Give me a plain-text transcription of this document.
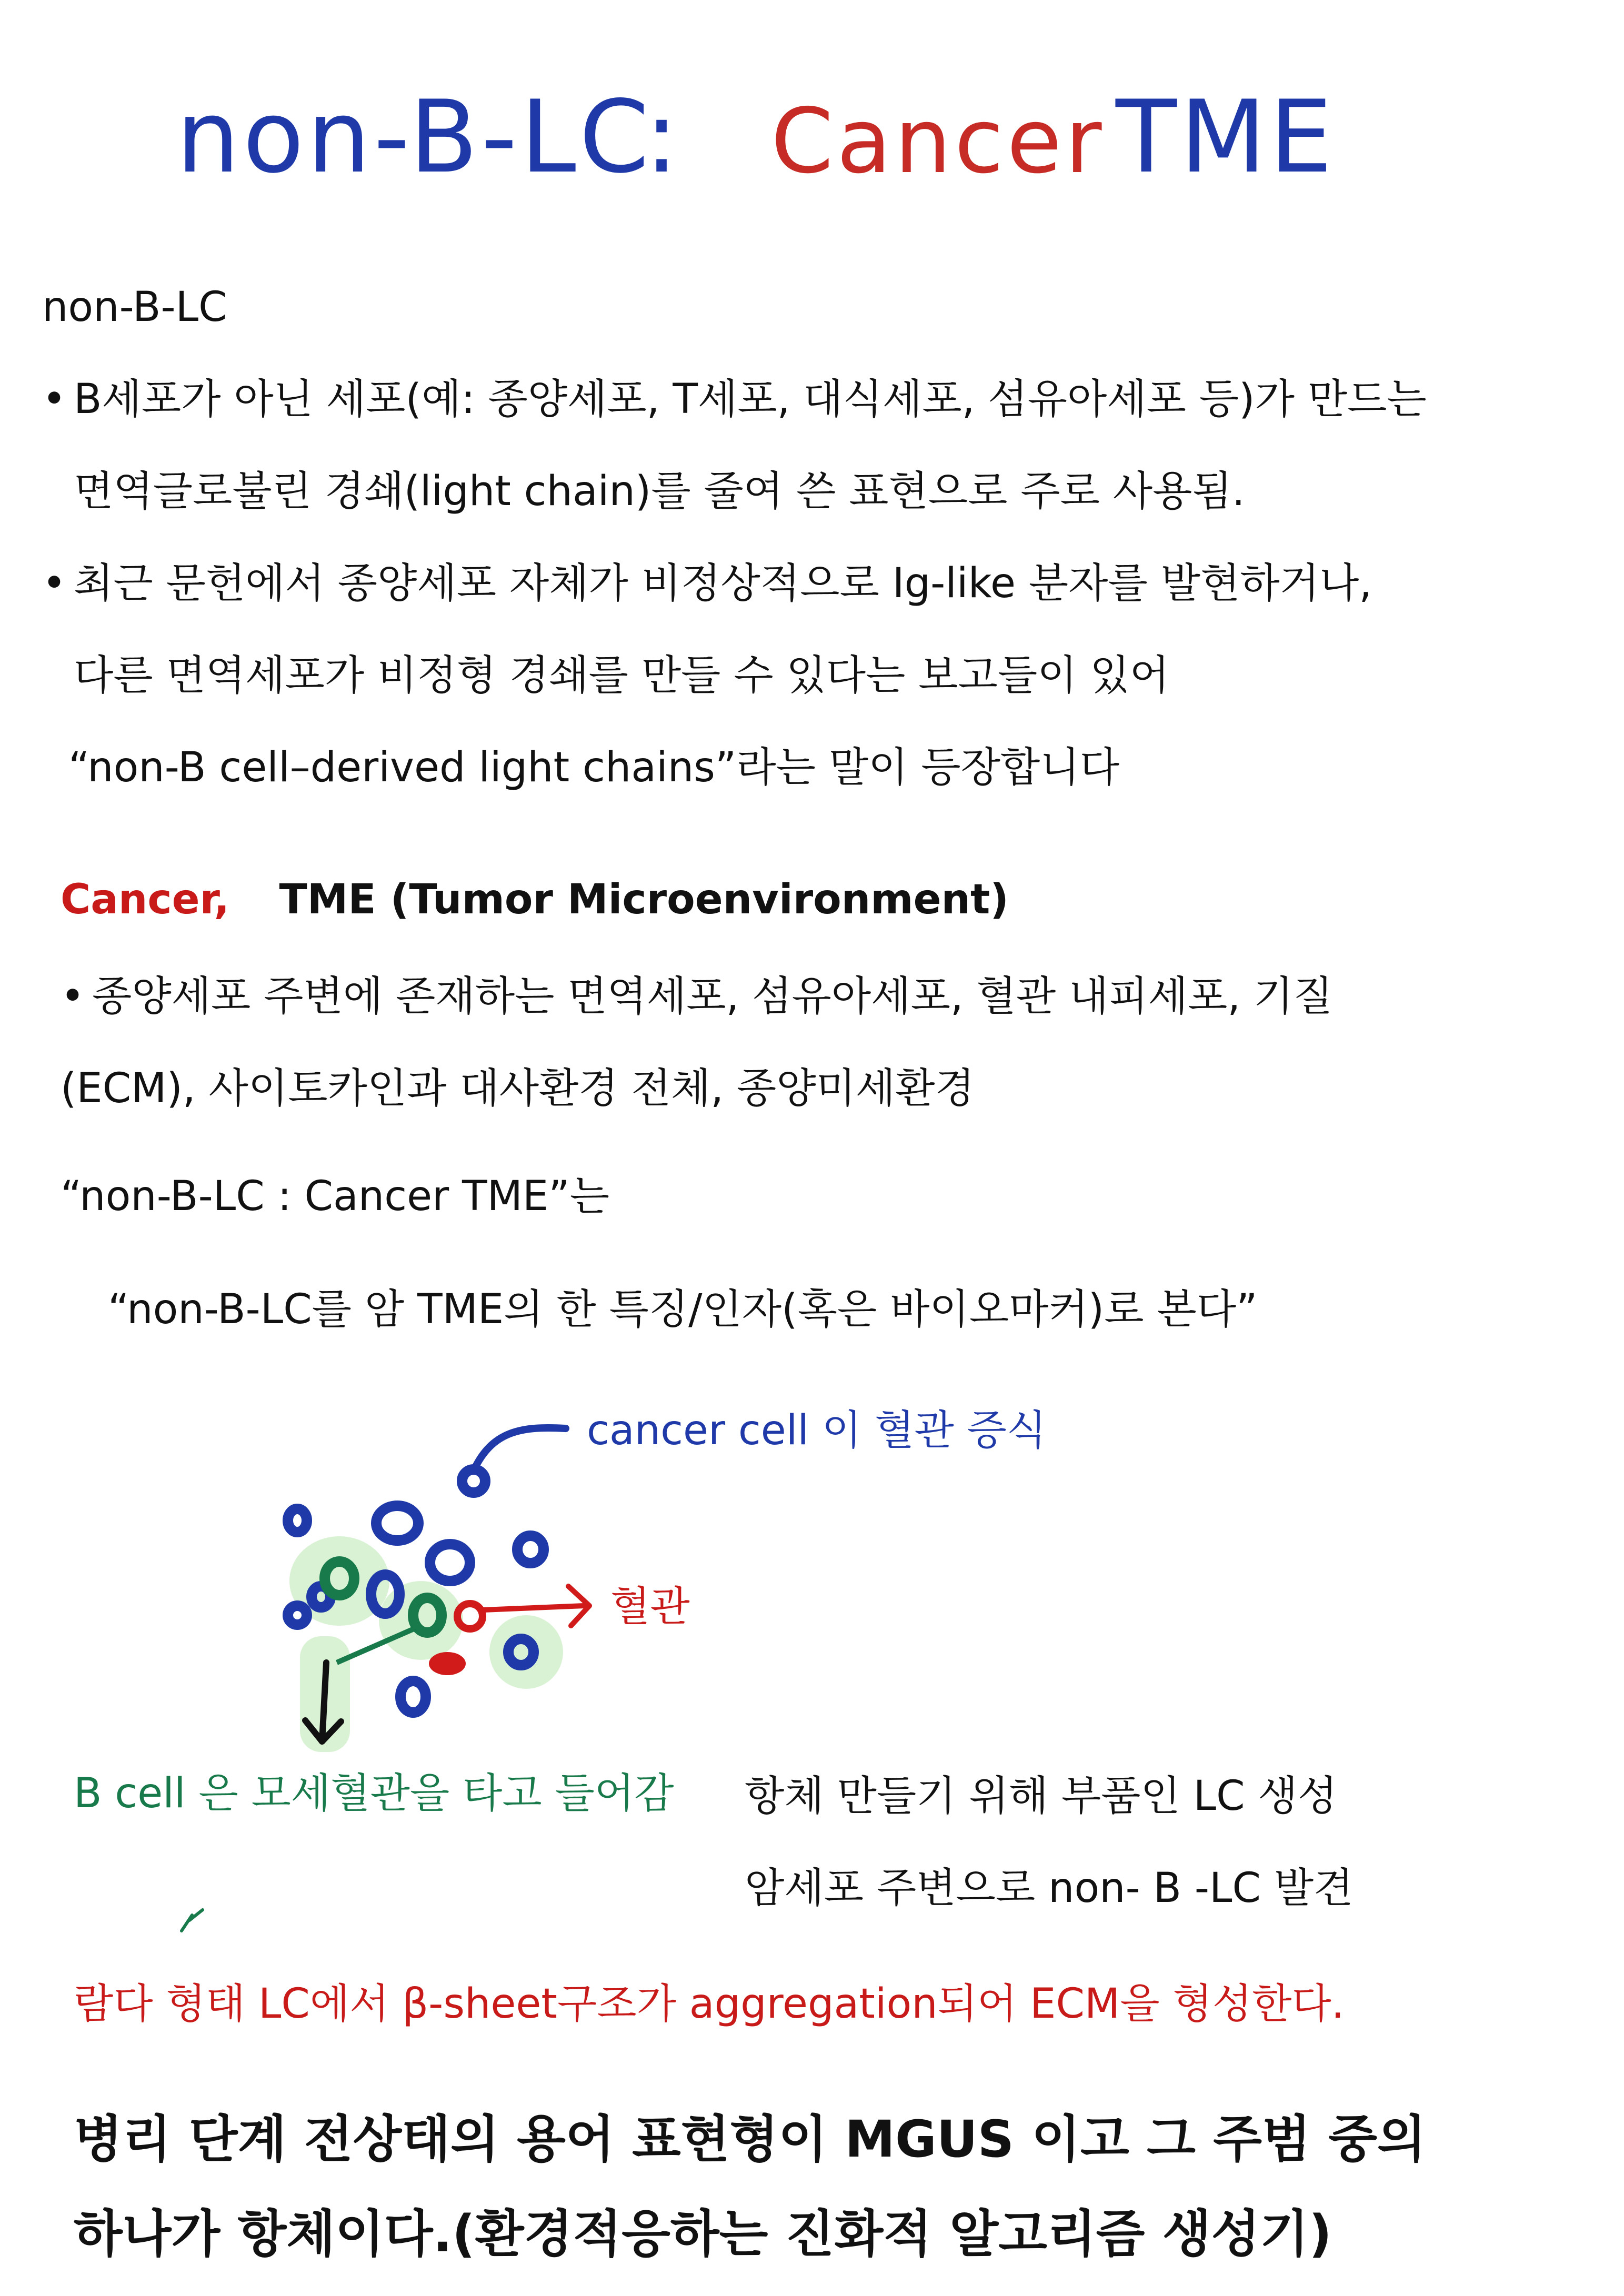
non-B-LC
: Cancer TME
non-B-LC
• B세포가 아닌 세포(예: 종양세포, T세포, 대식세포, 섬유아세포 등)가 만드는
면역글로불린 경쇄(light chain)를 줄여 쓴 표현으로 주로 사용됨.
• 최근 문헌에서 종양세포 자체가 비정상적으로 Ig-like 분자를 발현하거나,
다른 면역세포가 비정형 경쇄를 만들 수 있다는 보고들이 있어
“non-B cell–derived light chains”라는 말이 등장합니다
Cancer, TME (Tumor Microenvironment)
• 종양세포 주변에 존재하는 면역세포, 섬유아세포, 혈관 내피세포, 기질
(ECM), 사이토카인과 대사환경 전체, 종양미세환경
“non-B-LC : Cancer TME”는
“non-B-LC를 암 TME의 한 특징/인자(혹은 바이오마커)로 본다”
cancer cell 이 혈관 증식
혈관
B cell 은 모세혈관을 타고 들어감 항체 만들기 위해 부품인 LC 생성
암세포 주변으로 non- B -LC 발견
람다 형태 LC에서 β-sheet구조가 aggregation되어 ECM을 형성한다.
병리 단계 전상태의 용어 표현형이 MGUS 이고 그 주범 중의
하나가 항체이다.(환경적응하는 진화적 알고리즘 생성기)
